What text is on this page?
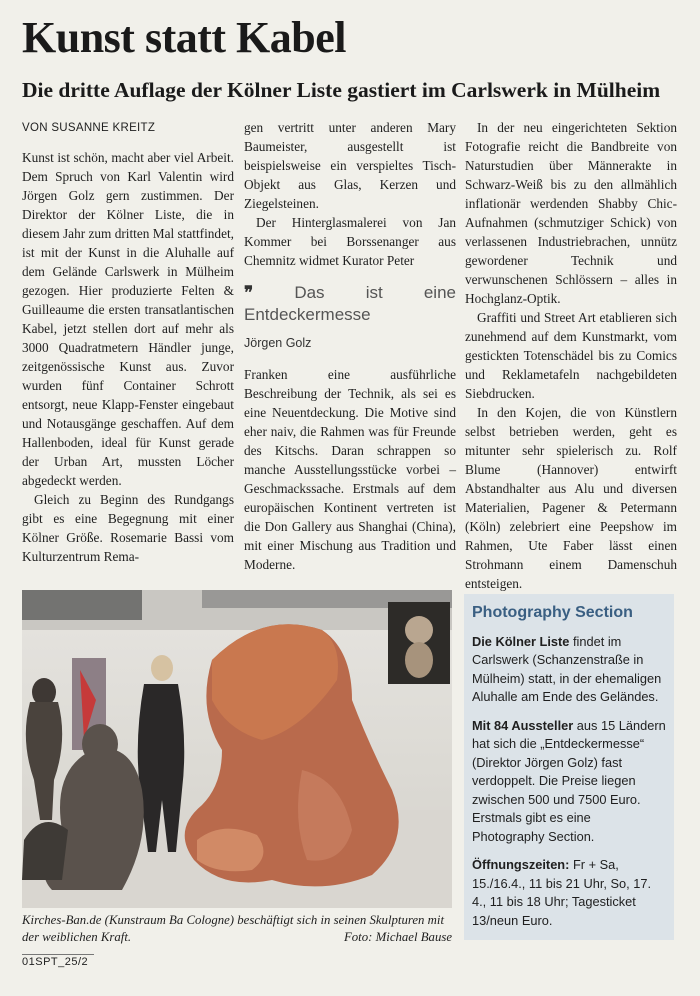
Kunst statt Kabel
Die dritte Auflage der Kölner Liste gastiert im Carlswerk in Mülheim
VON SUSANNE KREITZ

Kunst ist schön, macht aber viel Arbeit. Dem Spruch von Karl Valentin wird Jörgen Golz gern zustimmen. Der Direktor der Kölner Liste, die in diesem Jahr zum dritten Mal stattfindet, ist mit der Kunst in die Aluhalle auf dem Gelände Carlswerk in Mülheim gezogen. Hier produzierte Felten & Guilleaume die ersten transatlantischen Kabel, jetzt stellen dort auf mehr als 3000 Quadratmetern Händler junge, zeitgenössische Kunst aus. Zuvor wurden fünf Container Schrott entsorgt, neue Klapp-Fenster eingebaut und Notausgänge geschaffen. Auf dem Hallenboden, ideal für Kunst gerade der Urban Art, mussten Löcher abgedeckt werden.

Gleich zu Beginn des Rundgangs gibt es eine Begegnung mit einer Kölner Größe. Rosemarie Bassi vom Kulturzentrum Rema-

gen vertritt unter anderen Mary Baumeister, ausgestellt ist beispielsweise ein verspieltes Tisch-Objekt aus Glas, Kerzen und Ziegelsteinen.

Der Hinterglasmalerei von Jan Kommer bei Borssenanger aus Chemnitz widmet Kurator Peter

❞ Das ist eine Entdeckermesse
Jörgen Golz

Franken eine ausführliche Beschreibung der Technik, als sei es eine Neuentdeckung. Die Motive sind eher naiv, die Rahmen was für Freunde des Kitschs. Daran schrappen so manche Ausstellungsstücke vorbei – Geschmackssache. Erstmals auf dem europäischen Kontinent vertreten ist die Don Gallery aus Shanghai (China), mit einer Mischung aus Tradition und Moderne.

In der neu eingerichteten Sektion Fotografie reicht die Bandbreite von Naturstudien über Männerakte in Schwarz-Weiß bis zu den allmählich inflationär werdenden Shabby Chic-Aufnahmen (schmutziger Schick) von verlassenen Industriebrachen, unnütz gewordener Technik und verwunschenen Schlössern – alles in Hochglanz-Optik.

Graffiti und Street Art etablieren sich zunehmend auf dem Kunstmarkt, vom gestickten Totenschädel bis zu Comics und Reklametafeln nachgebildeten Siebdrucken.

In den Kojen, die von Künstlern selbst betrieben werden, geht es mitunter sehr spielerisch zu. Rolf Blume (Hannover) entwirft Abstandhalter aus Alu und diversen Materialien, Pagener & Petermann (Köln) zelebriert eine Peepshow im Rahmen, Ute Faber lässt einen Strohmann einem Damenschuh entsteigen.

Kirches-Ban.de (Kunstraum Ba Cologne) beschäftigt sich in seinen Skulpturen mit der weiblichen Kraft.	Foto: Michael Bause
Photography Section

Die Kölner Liste findet im Carlswerk (Schanzenstraße in Mülheim) statt, in der ehemaligen Aluhalle am Ende des Geländes.

Mit 84 Aussteller aus 15 Ländern hat sich die „Entdeckermesse“ (Direktor Jörgen Golz) fast verdoppelt. Die Preise liegen zwischen 500 und 7500 Euro. Erstmals gibt es eine Photography Section.

Öffnungszeiten: Fr + Sa, 15./16.4., 11 bis 21 Uhr, So, 17. 4., 11 bis 18 Uhr; Tagesticket 13/neun Euro.

01SPT_25/2
